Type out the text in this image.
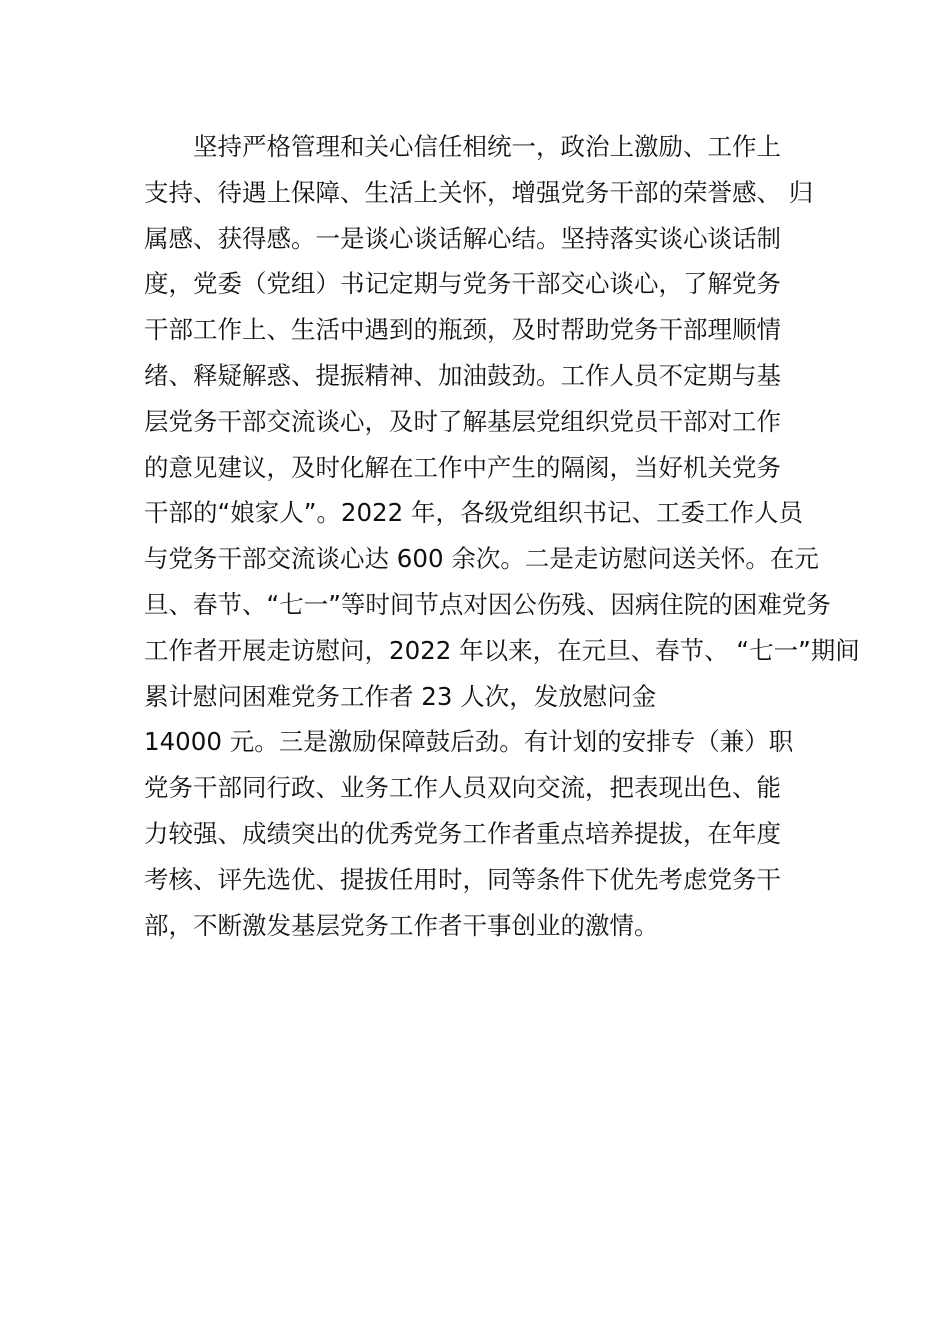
坚持严格管理和关心信任相统一，政治上激励、工作上
支持、待遇上保障、生活上关怀，增强党务干部的荣誉感、 归
属感、获得感。一是谈心谈话解心结。坚持落实谈心谈话制
度，党委（党组）书记定期与党务干部交心谈心，了解党务
干部工作上、生活中遇到的瓶颈，及时帮助党务干部理顺情
绪、释疑解惑、提振精神、加油鼓劲。工作人员不定期与基
层党务干部交流谈心，及时了解基层党组织党员干部对工作
的意见建议，及时化解在工作中产生的隔阂，当好机关党务
干部的“娘家人”。2022 年，各级党组织书记、工委工作人员
与党务干部交流谈心达 600 余次。二是走访慰问送关怀。在元
旦、春节、“七一”等时间节点对因公伤残、因病住院的困难党务
工作者开展走访慰问，2022 年以来，在元旦、春节、 “七一”期间
累计慰问困难党务工作者 23 人次，发放慰问金
14000 元。三是激励保障鼓后劲。有计划的安排专（兼）职
党务干部同行政、业务工作人员双向交流，把表现出色、能
力较强、成绩突出的优秀党务工作者重点培养提拔，在年度
考核、评先选优、提拔任用时，同等条件下优先考虑党务干
部，不断激发基层党务工作者干事创业的激情。
